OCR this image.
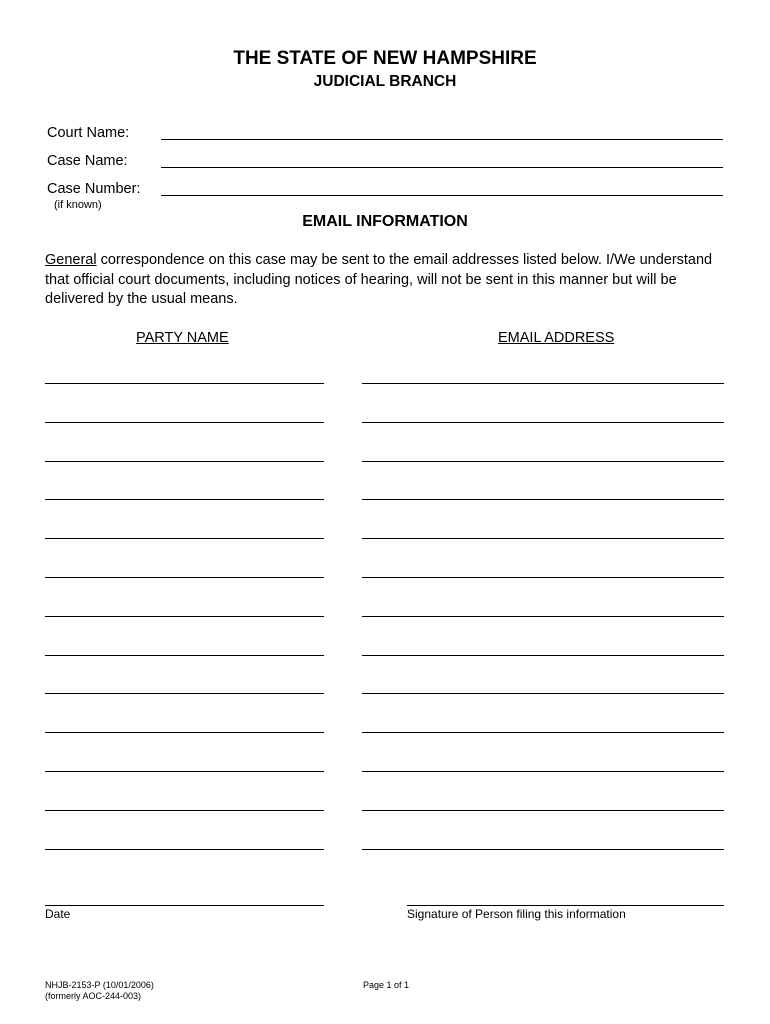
THE STATE OF NEW HAMPSHIRE
JUDICIAL BRANCH
Court Name:
Case Name:
Case Number:
(if known)
EMAIL INFORMATION
General correspondence on this case may be sent to the email addresses listed below. I/We understand that official court documents, including notices of hearing, will not be sent in this manner but will be delivered by the usual means.
PARTY NAME	EMAIL ADDRESS
Date	Signature of Person filing this information
NHJB-2153-P (10/01/2006)
(formerly AOC-244-003)
Page 1 of 1
